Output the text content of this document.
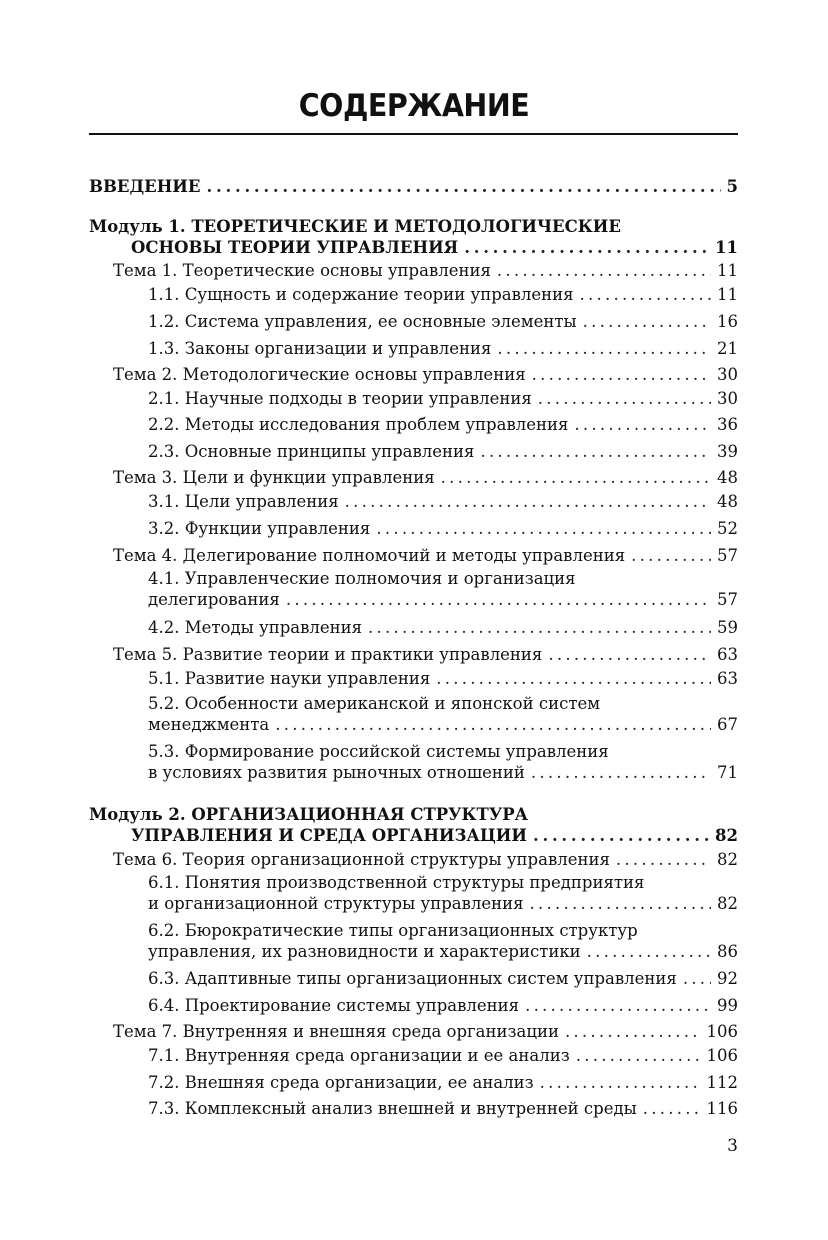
СОДЕРЖАНИЕ
ВВЕДЕНИЕ . . .	5
Модуль 1. ТЕОРЕТИЧЕСКИЕ И МЕТОДОЛОГИЧЕСКИЕ
ОСНОВЫ ТЕОРИИ УПРАВЛЕНИЯ . . .	11
Тема 1. Теоретические основы управления . . .	11
1.1. Сущность и содержание теории управления . . .	11
1.2. Система управления, ее основные элементы . . .	16
1.3. Законы организации и управления . . .	21
Тема 2. Методологические основы управления . . .	30
2.1. Научные подходы в теории управления . . .	30
2.2. Методы исследования проблем управления . . .	36
2.3. Основные принципы управления . . .	39
Тема 3. Цели и функции управления . . .	48
3.1. Цели управления . . .	48
3.2. Функции управления . . .	52
Тема 4. Делегирование полномочий и методы управления . . .	57
4.1. Управленческие полномочия и организация
делегирования . . .	57
4.2. Методы управления . . .	59
Тема 5. Развитие теории и практики управления . . .	63
5.1. Развитие науки управления . . .	63
5.2. Особенности американской и японской систем
менеджмента . . .	67
5.3. Формирование российской системы управления
в условиях развития рыночных отношений . . .	71
Модуль 2. ОРГАНИЗАЦИОННАЯ СТРУКТУРА
УПРАВЛЕНИЯ И СРЕДА ОРГАНИЗАЦИИ . . .	82
Тема 6. Теория организационной структуры управления . . .	82
6.1. Понятия производственной структуры предприятия
и организационной структуры управления . . .	82
6.2. Бюрократические типы организационных структур
управления, их разновидности и характеристики . . .	86
6.3. Адаптивные типы организационных систем управления . . . 92
6.4. Проектирование системы управления . . .	99
Тема 7. Внутренняя и внешняя среда организации . . .	106
7.1. Внутренняя среда организации и ее анализ . . .	106
7.2. Внешняя среда организации, ее анализ . . .	112
7.3. Комплексный анализ внешней и внутренней среды . . .	116
3
